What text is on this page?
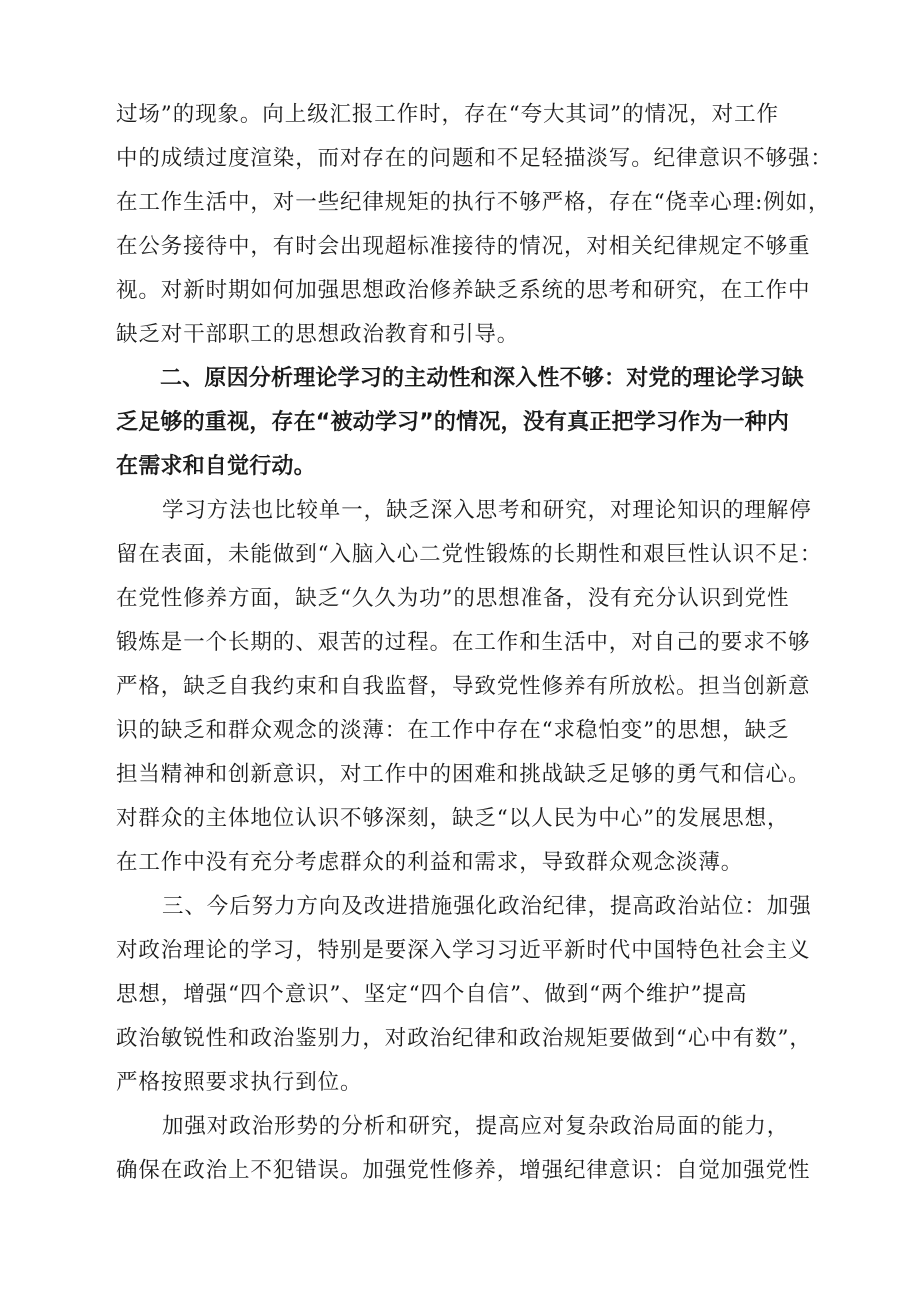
过场”的现象。向上级汇报工作时，存在“夸大其词”的情况，对工作
中的成绩过度渲染，而对存在的问题和不足轻描淡写。纪律意识不够强：
在工作生活中，对一些纪律规矩的执行不够严格，存在“侥幸心理:例如，
在公务接待中，有时会出现超标准接待的情况，对相关纪律规定不够重
视。对新时期如何加强思想政治修养缺乏系统的思考和研究，在工作中
缺乏对干部职工的思想政治教育和引导。
二、原因分析理论学习的主动性和深入性不够：对党的理论学习缺
乏足够的重视，存在“被动学习”的情况，没有真正把学习作为一种内
在需求和自觉行动。
学习方法也比较单一，缺乏深入思考和研究，对理论知识的理解停
留在表面，未能做到“入脑入心二党性锻炼的长期性和艰巨性认识不足：
在党性修养方面，缺乏“久久为功”的思想准备，没有充分认识到党性
锻炼是一个长期的、艰苦的过程。在工作和生活中，对自己的要求不够
严格，缺乏自我约束和自我监督，导致党性修养有所放松。担当创新意
识的缺乏和群众观念的淡薄：在工作中存在“求稳怕变”的思想，缺乏
担当精神和创新意识，对工作中的困难和挑战缺乏足够的勇气和信心。
对群众的主体地位认识不够深刻，缺乏“以人民为中心”的发展思想，
在工作中没有充分考虑群众的利益和需求，导致群众观念淡薄。
三、今后努力方向及改进措施强化政治纪律，提高政治站位：加强
对政治理论的学习，特别是要深入学习习近平新时代中国特色社会主义
思想，增强“四个意识”、坚定“四个自信”、做到“两个维护”提高
政治敏锐性和政治鉴别力，对政治纪律和政治规矩要做到“心中有数”，
严格按照要求执行到位。
加强对政治形势的分析和研究，提高应对复杂政治局面的能力，
确保在政治上不犯错误。加强党性修养，增强纪律意识：自觉加强党性
